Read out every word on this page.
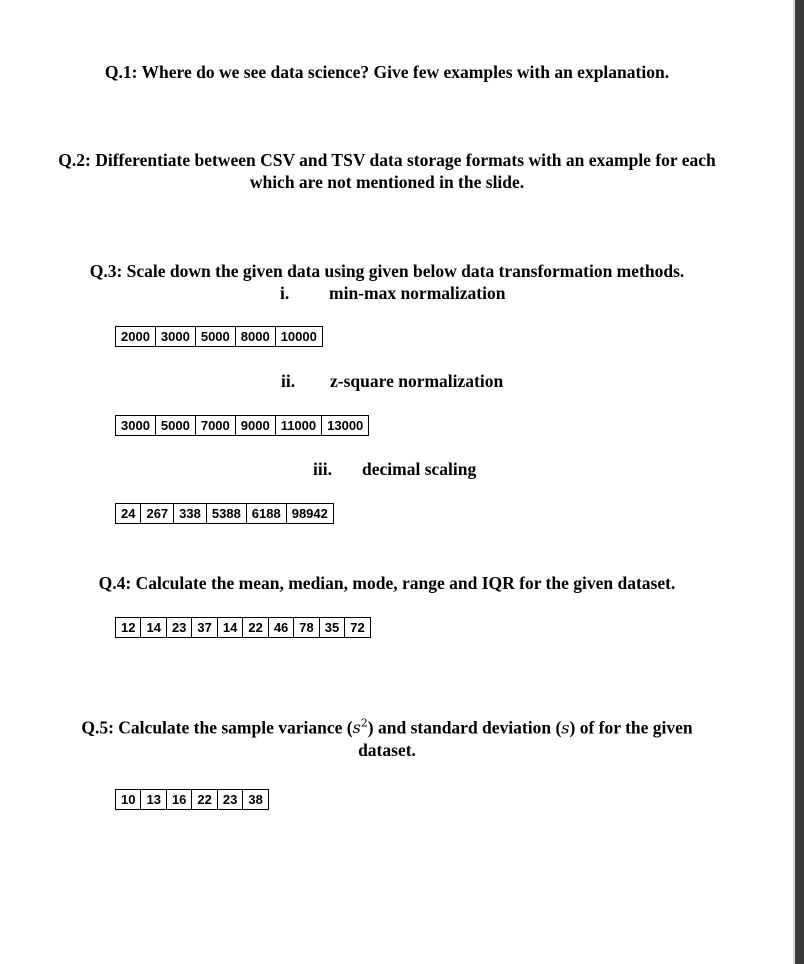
Q.1: Where do we see data science? Give few examples with an explanation.
Q.2: Differentiate between CSV and TSV data storage formats with an example for each
which are not mentioned in the slide.
Q.3: Scale down the given data using given below data transformation methods.
i. min-max normalization
2000	3000	5000	8000	10000
ii. z-square normalization
3000	5000	7000	9000	11000	13000
iii. decimal scaling
24	267	338	5388	6188	98942
Q.4: Calculate the mean, median, mode, range and IQR for the given dataset.
12	14	23	37	14	22	46	78	35	72
Q.5: Calculate the sample variance $(s^2)$ and standard deviation (s) of for the given
dataset.
10	13	16	22	23	38
